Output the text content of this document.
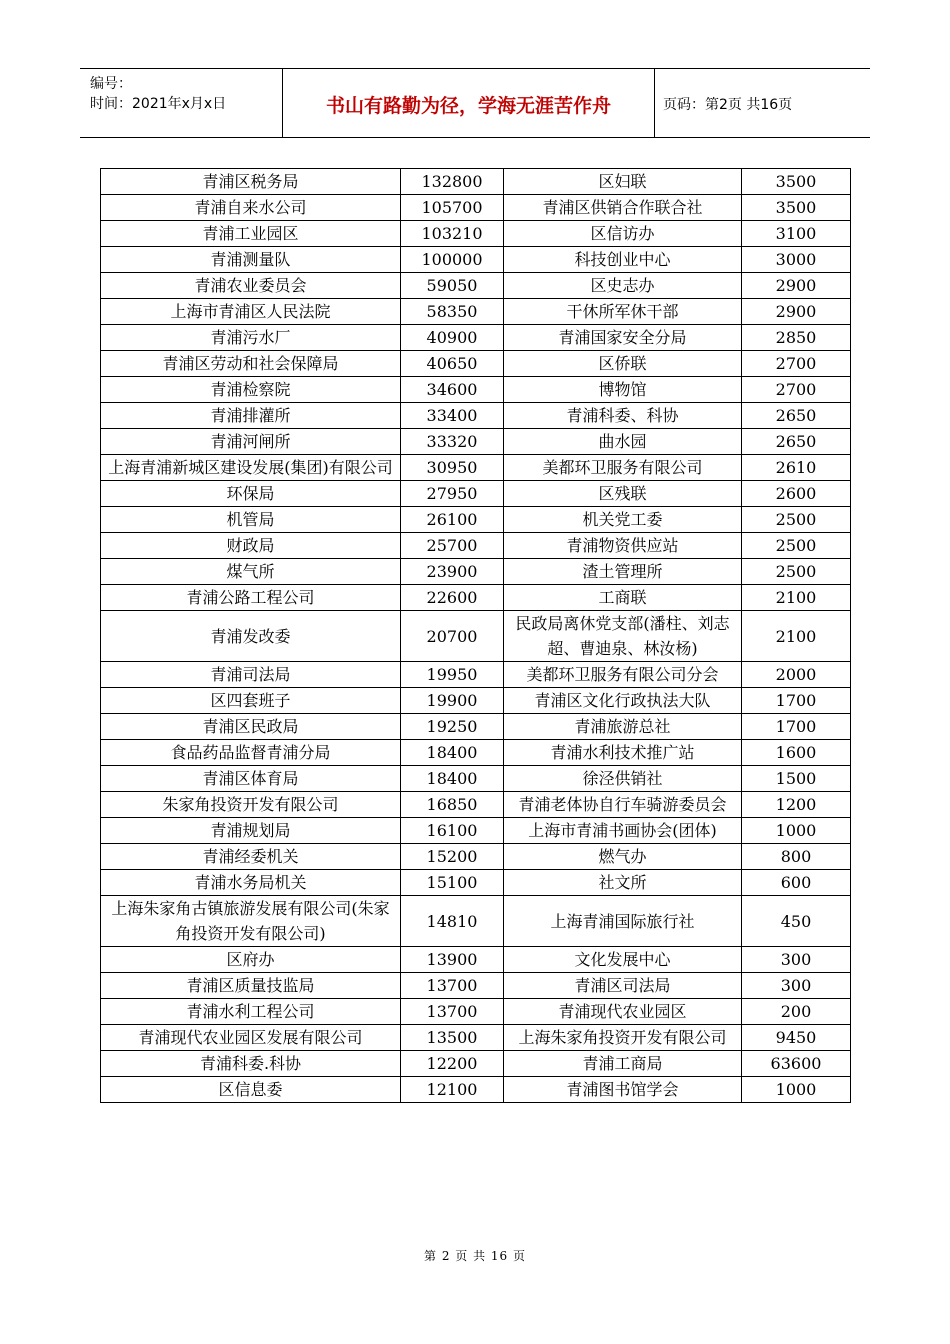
编号：
时间：2021年x月x日	书山有路勤为径，学海无涯苦作舟	页码：第2页 共16页
青浦区税务局	132800	区妇联	3500
青浦自来水公司	105700	青浦区供销合作联合社	3500
青浦工业园区	103210	区信访办	3100
青浦测量队	100000	科技创业中心	3000
青浦农业委员会	59050	区史志办	2900
上海市青浦区人民法院	58350	干休所军休干部	2900
青浦污水厂	40900	青浦国家安全分局	2850
青浦区劳动和社会保障局	40650	区侨联	2700
青浦检察院	34600	博物馆	2700
青浦排灌所	33400	青浦科委、科协	2650
青浦河闸所	33320	曲水园	2650
上海青浦新城区建设发展(集团)有限公司	30950	美都环卫服务有限公司	2610
环保局	27950	区残联	2600
机管局	26100	机关党工委	2500
财政局	25700	青浦物资供应站	2500
煤气所	23900	渣土管理所	2500
青浦公路工程公司	22600	工商联	2100
青浦发改委	20700	民政局离休党支部(潘柱、刘志超、曹迪泉、林汝杨)	2100
青浦司法局	19950	美都环卫服务有限公司分会	2000
区四套班子	19900	青浦区文化行政执法大队	1700
青浦区民政局	19250	青浦旅游总社	1700
食品药品监督青浦分局	18400	青浦水利技术推广站	1600
青浦区体育局	18400	徐泾供销社	1500
朱家角投资开发有限公司	16850	青浦老体协自行车骑游委员会	1200
青浦规划局	16100	上海市青浦书画协会(团体)	1000
青浦经委机关	15200	燃气办	800
青浦水务局机关	15100	社文所	600
上海朱家角古镇旅游发展有限公司(朱家角投资开发有限公司)	14810	上海青浦国际旅行社	450
区府办	13900	文化发展中心	300
青浦区质量技监局	13700	青浦区司法局	300
青浦水利工程公司	13700	青浦现代农业园区	200
青浦现代农业园区发展有限公司	13500	上海朱家角投资开发有限公司	9450
青浦科委.科协	12200	青浦工商局	63600
区信息委	12100	青浦图书馆学会	1000
第 2 页 共 16 页
